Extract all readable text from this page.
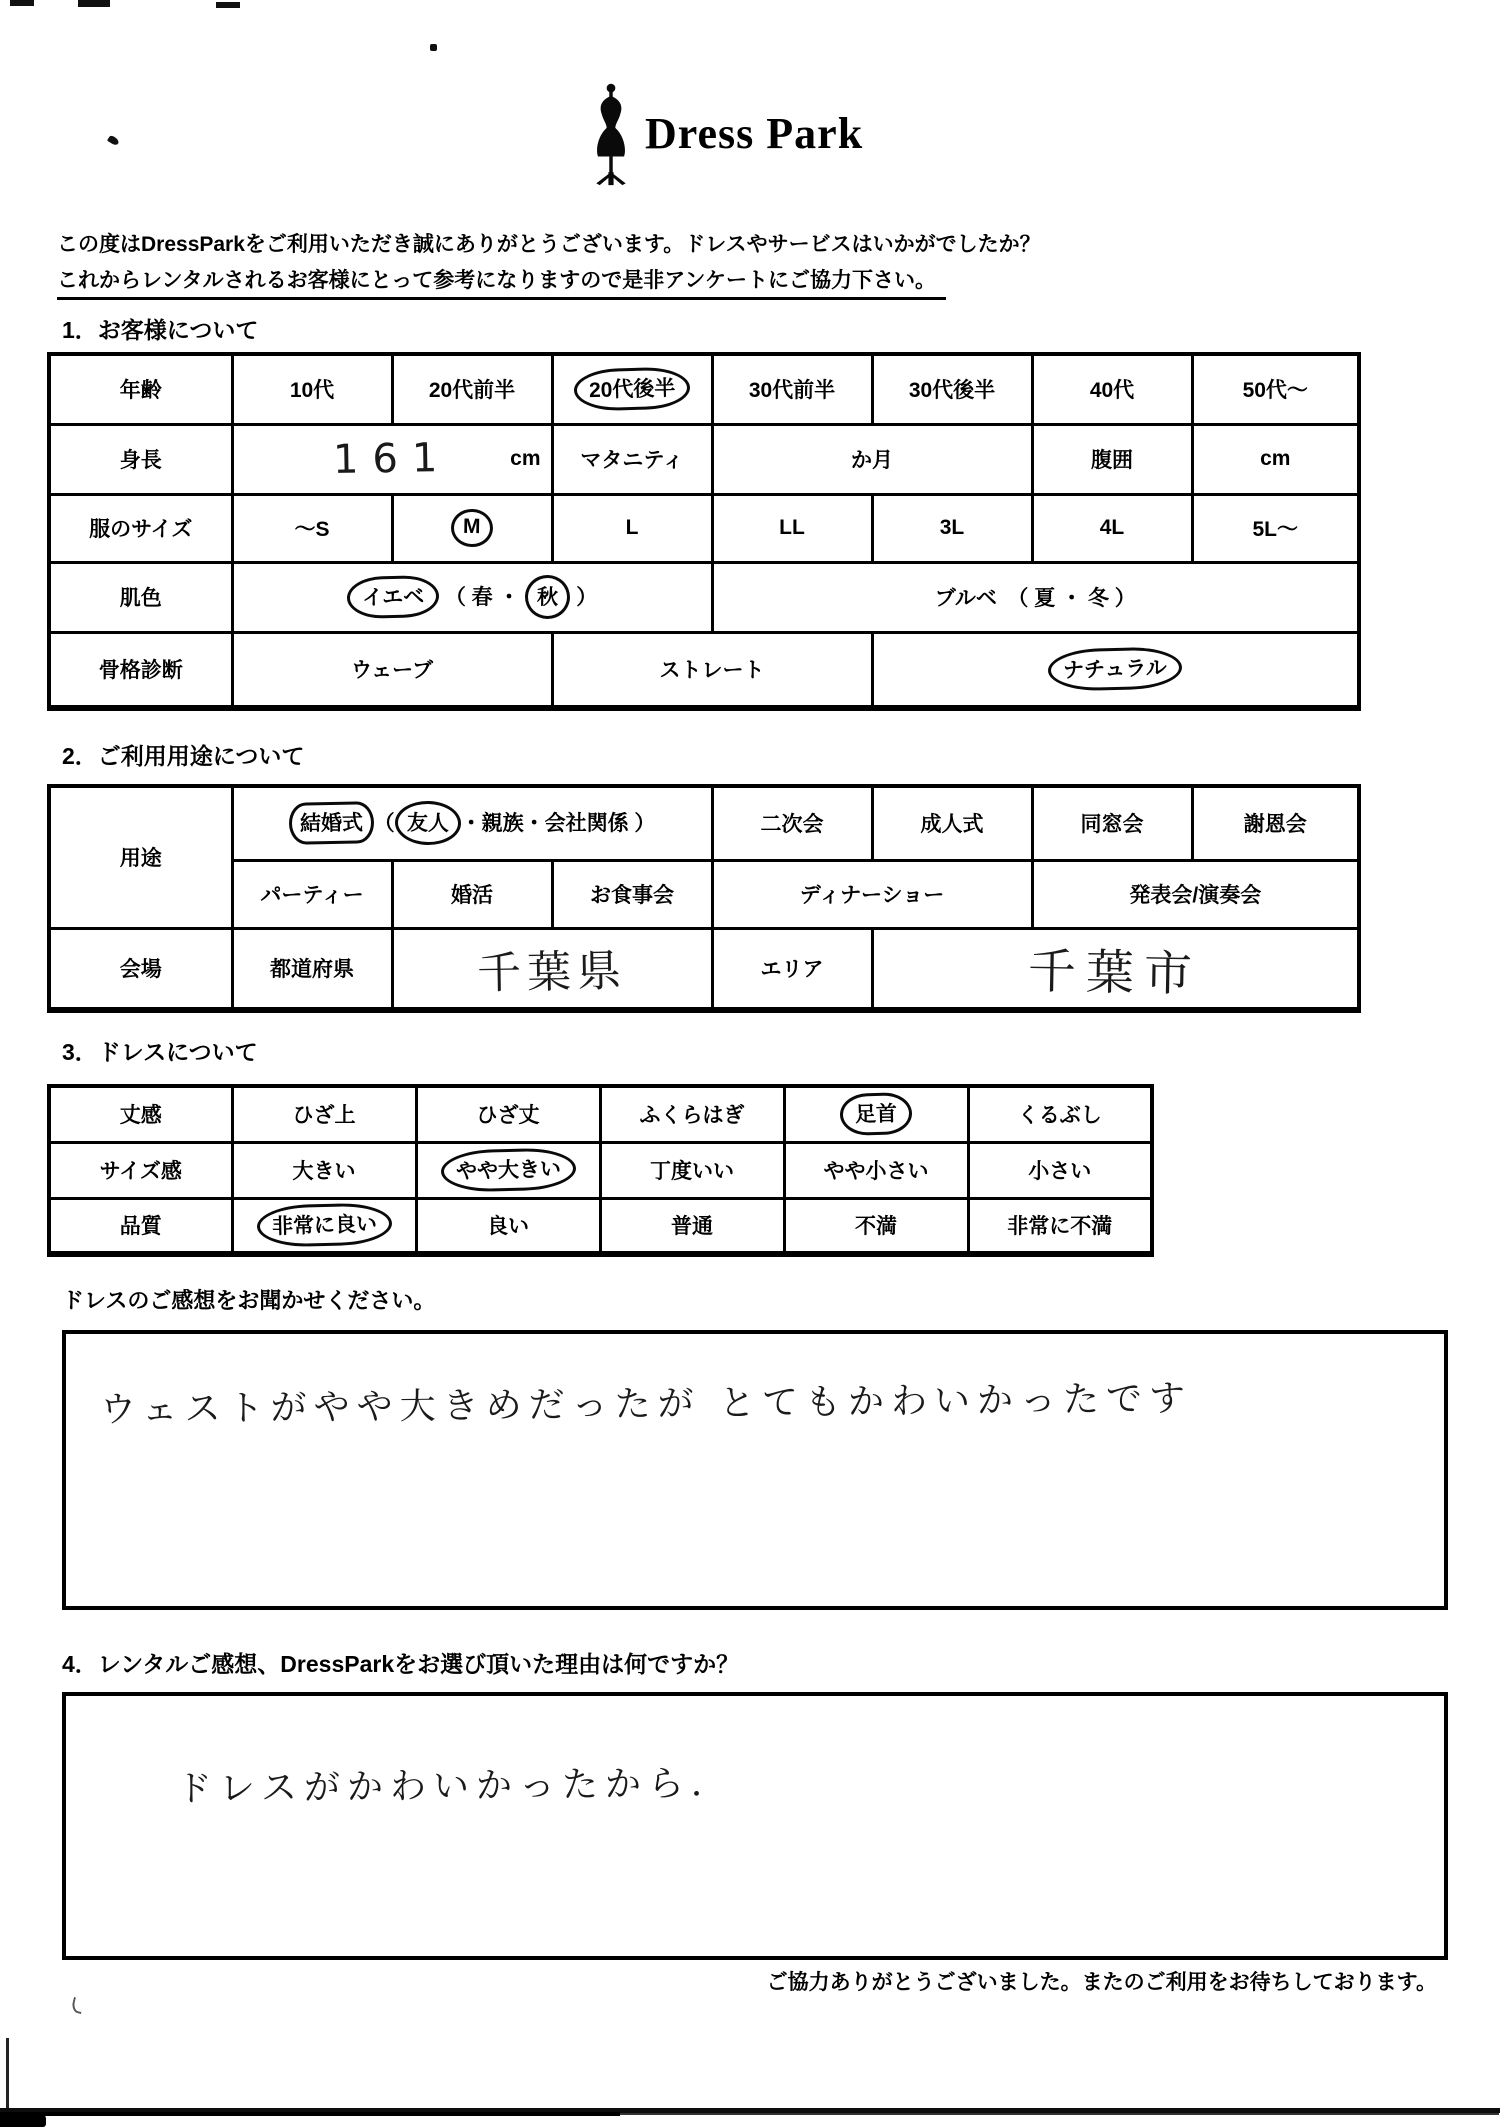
Dress Park

この度はDressParkをご利用いただき誠にありがとうございます。ドレスやサービスはいかがでしたか？

これからレンタルされるお客様にとって参考になりますので是非アンケートにご協力下さい。

1．お客様について
年齢	10代	20代前半	20代後半	30代前半	30代後半	40代	50代～
身長	161 cm		マタニティ	か月		腹囲	cm
服のサイズ	～S	M	L	LL	3L	4L	5L～
肌色	イエベ （ 春 ・ 秋 ）			ブルベ　（ 夏 ・ 冬 ）			
骨格診断	ウェーブ		ストレート		ナチュラル		
2．ご利用用途について
用途	結婚式 （ 友人 ・親族・会社関係 ）			二次会	成人式	同窓会	謝恩会
	パーティー	婚活	お食事会	ディナーショー		発表会/演奏会	
会場	都道府県	千葉県		エリア	千葉市		
3．ドレスについて
丈感	ひざ上	ひざ丈	ふくらはぎ	足首	くるぶし
サイズ感	大きい	やや大きい	丁度いい	やや小さい	小さい
品質	非常に良い	良い	普通	不満	非常に不満

ドレスのご感想をお聞かせください。

ウェストがやや大きめだったが とてもかわいかったです
4．レンタルご感想、DressParkをお選び頂いた理由は何ですか？
ドレスがかわいかったから．

ご協力ありがとうございました。またのご利用をお待ちしております。
